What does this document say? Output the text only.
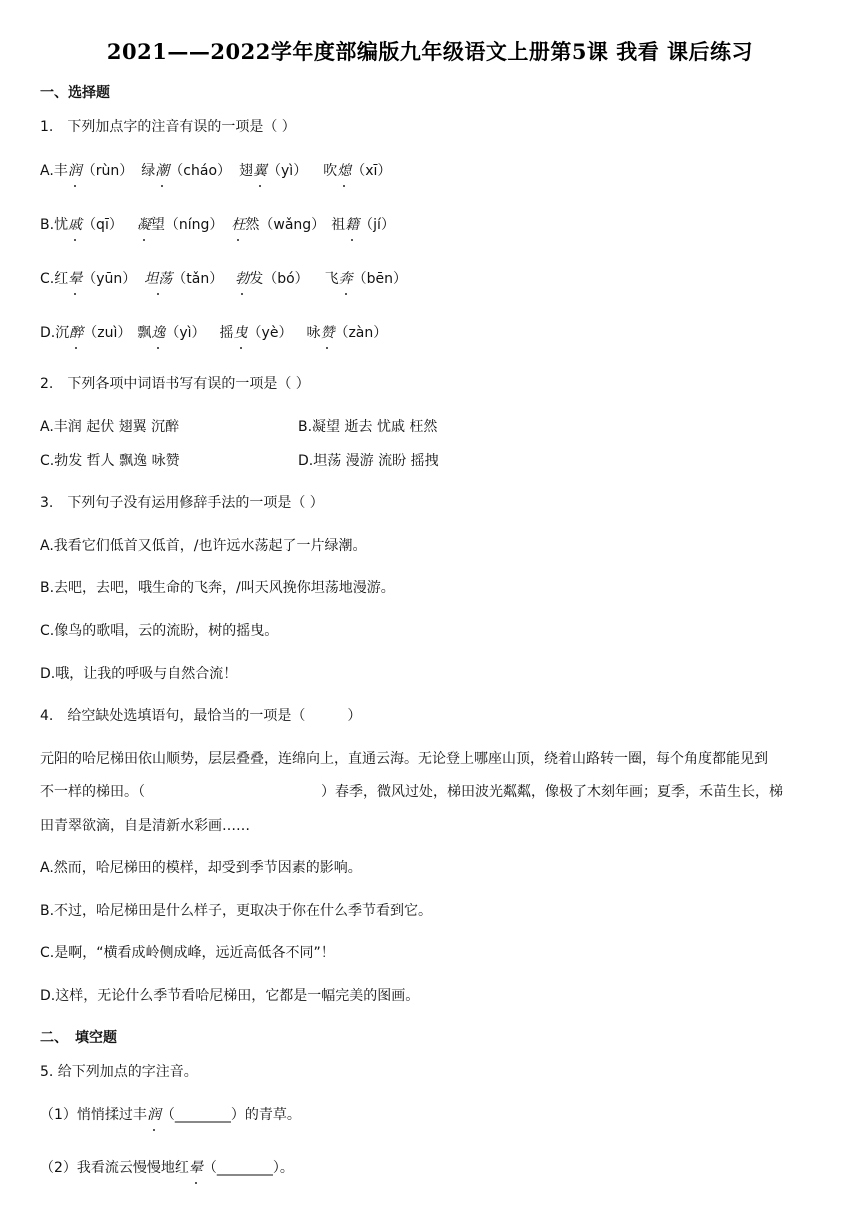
2021——2022学年度部编版九年级语文上册第5课 我看 课后练习
一、选择题
1.　下列加点字的注音有误的一项是（ ）
A.丰润（rùn） 绿潮（cháo） 翅翼（yì） 吹熄（xī）
B.忧戚（qī） 凝望（níng） 枉然（wǎng） 祖籍（jí）
C.红晕（yūn） 坦荡（tǎn） 勃发（bó） 飞奔（bēn）
D.沉醉（zuì） 飘逸（yì） 摇曳（yè） 咏赞（zàn）
2.　下列各项中词语书写有误的一项是（ ）
A.丰润 起伏 翅翼 沉醉	B.凝望 逝去 忧戚 枉然
C.勃发 哲人 飘逸 咏赞	D.坦荡 漫游 流盼 摇拽
3.　下列句子没有运用修辞手法的一项是（ ）
A.我看它们低首又低首，/也许远水荡起了一片绿潮。
B.去吧，去吧，哦生命的飞奔，/叫天风挽你坦荡地漫游。
C.像鸟的歌唱，云的流盼，树的摇曳。
D.哦，让我的呼吸与自然合流！
4.　给空缺处选填语句，最恰当的一项是（　　　）
元阳的哈尼梯田依山顺势，层层叠叠，连绵向上，直通云海。无论登上哪座山顶，绕着山路转一圈，每个角度都能见到
不一样的梯田。（	）春季，微风过处，梯田波光粼粼，像极了木刻年画；夏季，禾苗生长，梯
田青翠欲滴，自是清新水彩画……
A.然而，哈尼梯田的模样，却受到季节因素的影响。
B.不过，哈尼梯田是什么样子，更取决于你在什么季节看到它。
C.是啊，“横看成岭侧成峰，远近高低各不同”！
D.这样，无论什么季节看哈尼梯田，它都是一幅完美的图画。
二、　填空题
5. 给下列加点的字注音。
（1）悄悄揉过丰润（________）的青草。
（2）我看流云慢慢地红晕（________）。
